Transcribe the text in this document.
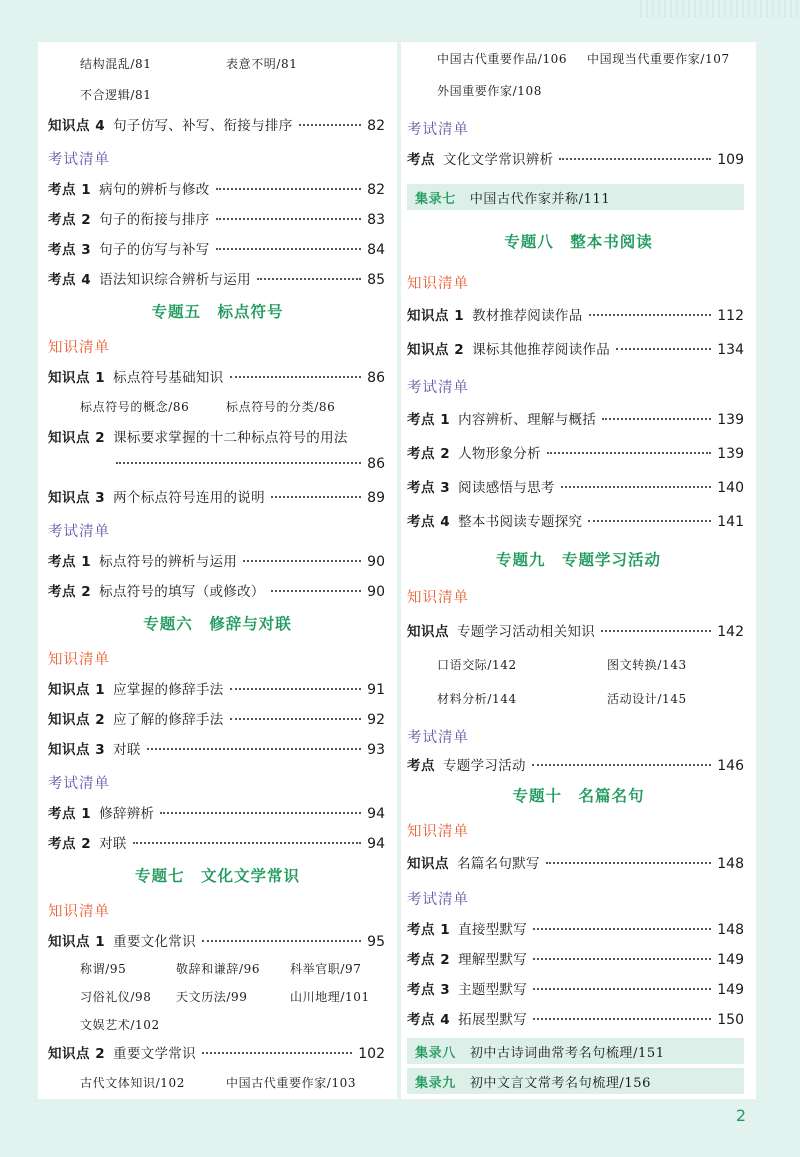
结构混乱/81	表意不明/81
不合逻辑/81
知识点 4 句子仿写、补写、衔接与排序	82
考试清单
考点 1 病句的辨析与修改	82
考点 2 句子的衔接与排序	83
考点 3 句子的仿写与补写	84
考点 4 语法知识综合辨析与运用	85
专题五　标点符号
知识清单
知识点 1 标点符号基础知识	86
标点符号的概念/86	标点符号的分类/86
知识点 2 课标要求掌握的十二种标点符号的用法
86
知识点 3 两个标点符号连用的说明	89
考试清单
考点 1 标点符号的辨析与运用	90
考点 2 标点符号的填写（或修改）	90
专题六　修辞与对联
知识清单
知识点 1 应掌握的修辞手法	91
知识点 2 应了解的修辞手法	92
知识点 3 对联	93
考试清单
考点 1 修辞辨析	94
考点 2 对联	94
专题七　文化文学常识
知识清单
知识点 1 重要文化常识	95
称谓/95	敬辞和谦辞/96 科举官职/97
习俗礼仪/98 天文历法/99	山川地理/101
文娱艺术/102
知识点 2 重要文学常识	102
古代文体知识/102	中国古代重要作家/103
中国古代重要作品/106 中国现当代重要作家/107
外国重要作家/108
考试清单
考点 文化文学常识辨析	109
集录七 中国古代作家并称/111
专题八　整本书阅读
知识清单
知识点 1 教材推荐阅读作品	112
知识点 2 课标其他推荐阅读作品	134
考试清单
考点 1 内容辨析、理解与概括	139
考点 2 人物形象分析	139
考点 3 阅读感悟与思考	140
考点 4 整本书阅读专题探究	141
专题九　专题学习活动
知识清单
知识点 专题学习活动相关知识	142
口语交际/142	图文转换/143
材料分析/144	活动设计/145
考试清单
考点 专题学习活动	146
专题十　名篇名句
知识清单
知识点 名篇名句默写	148
考试清单
考点 1 直接型默写	148
考点 2 理解型默写	149
考点 3 主题型默写	149
考点 4 拓展型默写	150
集录八 初中古诗词曲常考名句梳理/151
集录九 初中文言文常考名句梳理/156
2
